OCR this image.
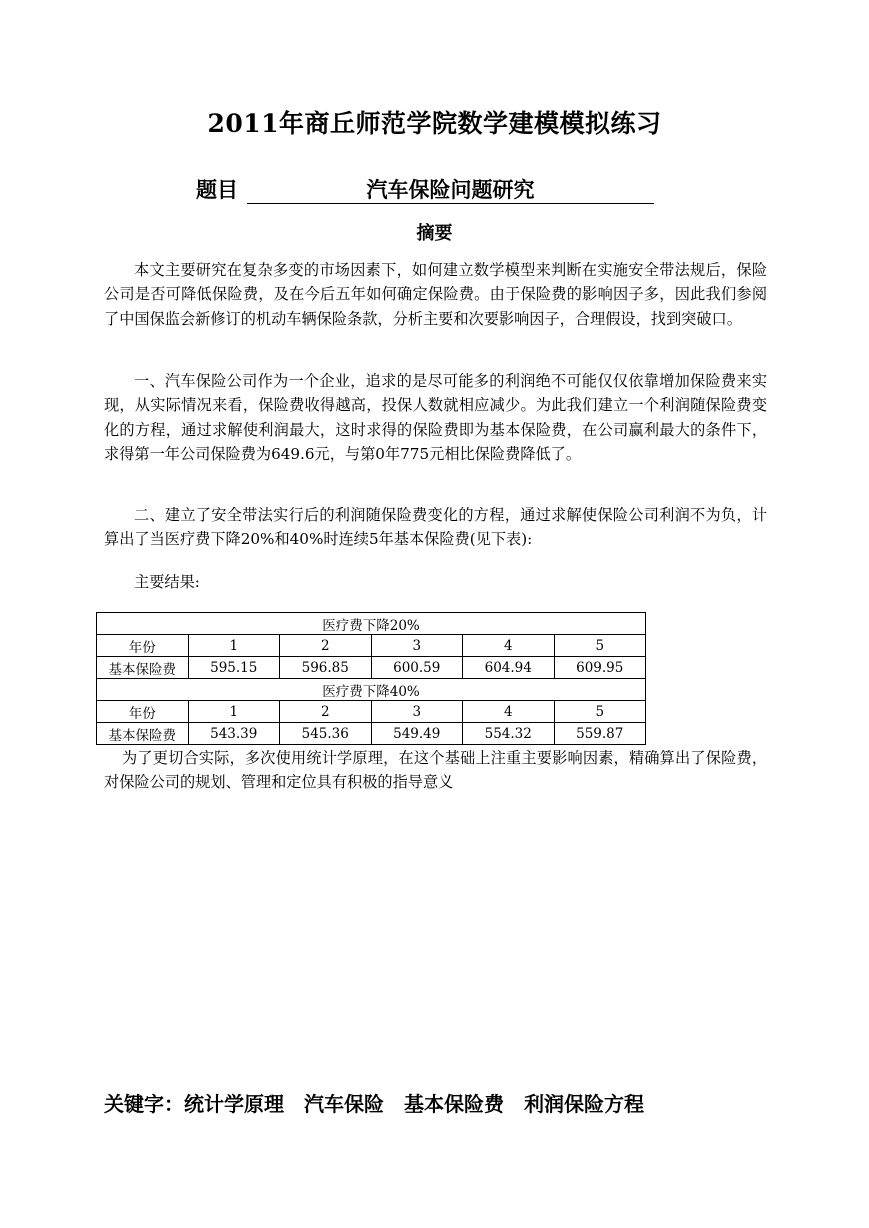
2011年商丘师范学院数学建模模拟练习
题目	汽车保险问题研究
摘要

本文主要研究在复杂多变的市场因素下，如何建立数学模型来判断在实施安全带法规后，保险公司是否可降低保险费，及在今后五年如何确定保险费。由于保险费的影响因子多，因此我们参阅了中国保监会新修订的机动车辆保险条款，分析主要和次要影响因子，合理假设，找到突破口。

一、汽车保险公司作为一个企业，追求的是尽可能多的利润绝不可能仅仅依靠增加保险费来实现，从实际情况来看，保险费收得越高，投保人数就相应减少。为此我们建立一个利润随保险费变化的方程，通过求解使利润最大，这时求得的保险费即为基本保险费，在公司赢利最大的条件下，求得第一年公司保险费为649.6元，与第0年775元相比保险费降低了。

二、建立了安全带法实行后的利润随保险费变化的方程，通过求解使保险公司利润不为负，计算出了当医疗费下降20%和40%时连续5年基本保险费(见下表):

主要结果:

医疗费下降20%					
年份	1	2	3	4	5
基本保险费	595.15	596.85	600.59	604.94	609.95
医疗费下降40%					
年份	1	2	3	4	5
基本保险费	543.39	545.36	549.49	554.32	559.87

为了更切合实际，多次使用统计学原理，在这个基础上注重主要影响因素，精确算出了保险费，对保险公司的规划、管理和定位具有积极的指导意义

关键字：统计学原理 汽车保险 基本保险费 利润保险方程
